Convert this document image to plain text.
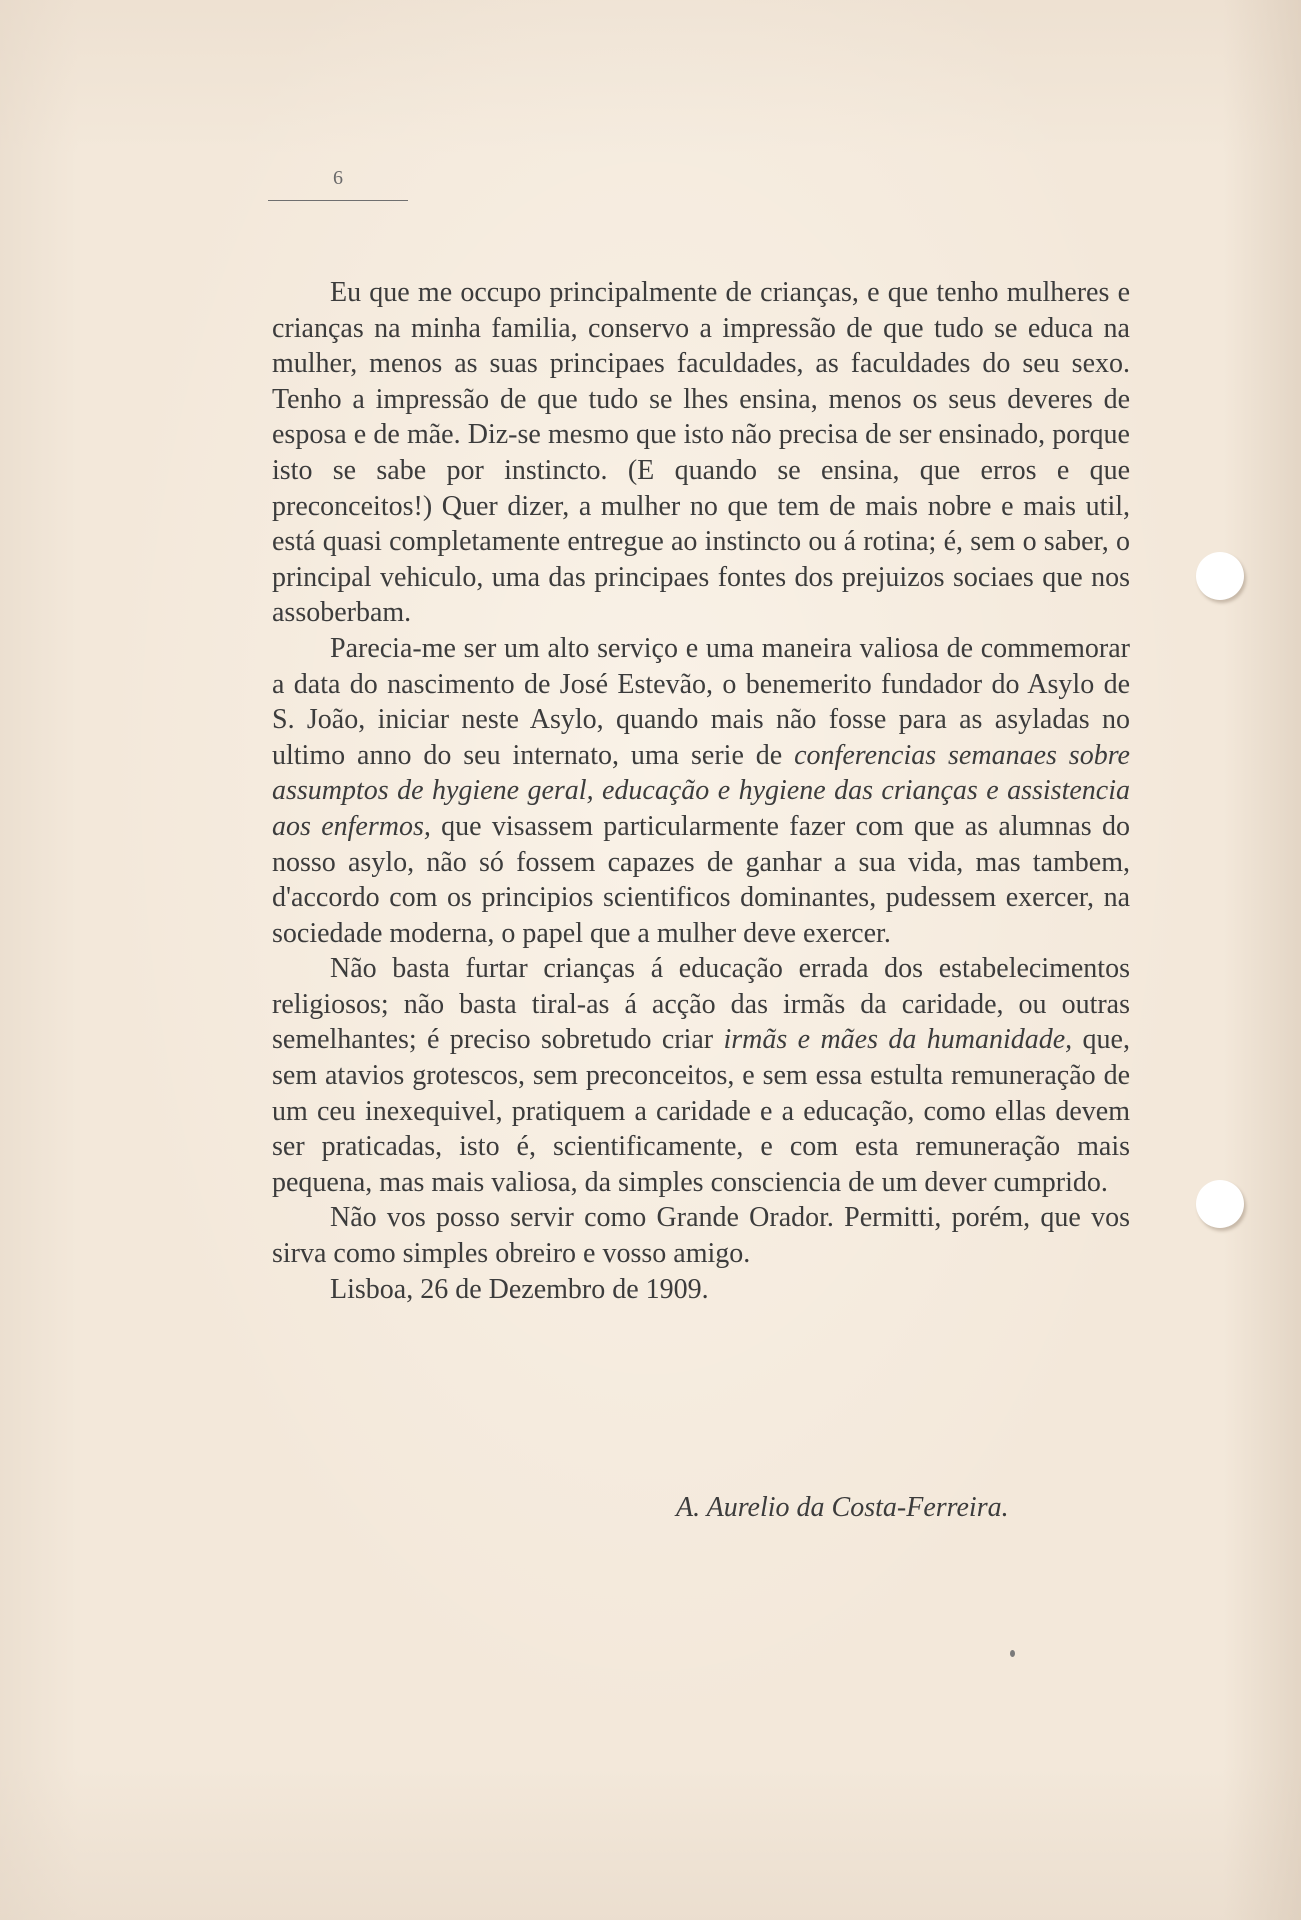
6

Eu que me occupo principalmente de crianças, e que tenho mulheres e crianças na minha familia, conservo a impressão de que tudo se educa na mulher, menos as suas principaes faculdades, as faculdades do seu sexo. Tenho a impressão de que tudo se lhes ensina, menos os seus deveres de esposa e de mãe. Diz-se mesmo que isto não precisa de ser ensinado, porque isto se sabe por instincto. (E quando se ensina, que erros e que preconceitos!) Quer dizer, a mulher no que tem de mais nobre e mais util, está quasi completamente entregue ao instincto ou á rotina; é, sem o saber, o principal vehiculo, uma das principaes fontes dos prejuizos sociaes que nos assoberbam.

Parecia-me ser um alto serviço e uma maneira valiosa de commemorar a data do nascimento de José Estevão, o benemerito fundador do Asylo de S. João, iniciar neste Asylo, quando mais não fosse para as asyladas no ultimo anno do seu internato, uma serie de conferencias semanaes sobre assumptos de hygiene geral, educação e hygiene das crianças e assistencia aos enfermos, que visassem particularmente fazer com que as alumnas do nosso asylo, não só fossem capazes de ganhar a sua vida, mas tambem, d'accordo com os principios scientificos dominantes, pudessem exercer, na sociedade moderna, o papel que a mulher deve exercer.

Não basta furtar crianças á educação errada dos estabelecimentos religiosos; não basta tiral-as á acção das irmãs da caridade, ou outras semelhantes; é preciso sobretudo criar irmãs e mães da humanidade, que, sem atavios grotescos, sem preconceitos, e sem essa estulta remuneração de um ceu inexequivel, pratiquem a caridade e a educação, como ellas devem ser praticadas, isto é, scientificamente, e com esta remuneração mais pequena, mas mais valiosa, da simples consciencia de um dever cumprido.

Não vos posso servir como Grande Orador. Permitti, porém, que vos sirva como simples obreiro e vosso amigo.

Lisboa, 26 de Dezembro de 1909.

A. Aurelio da Costa-Ferreira.
